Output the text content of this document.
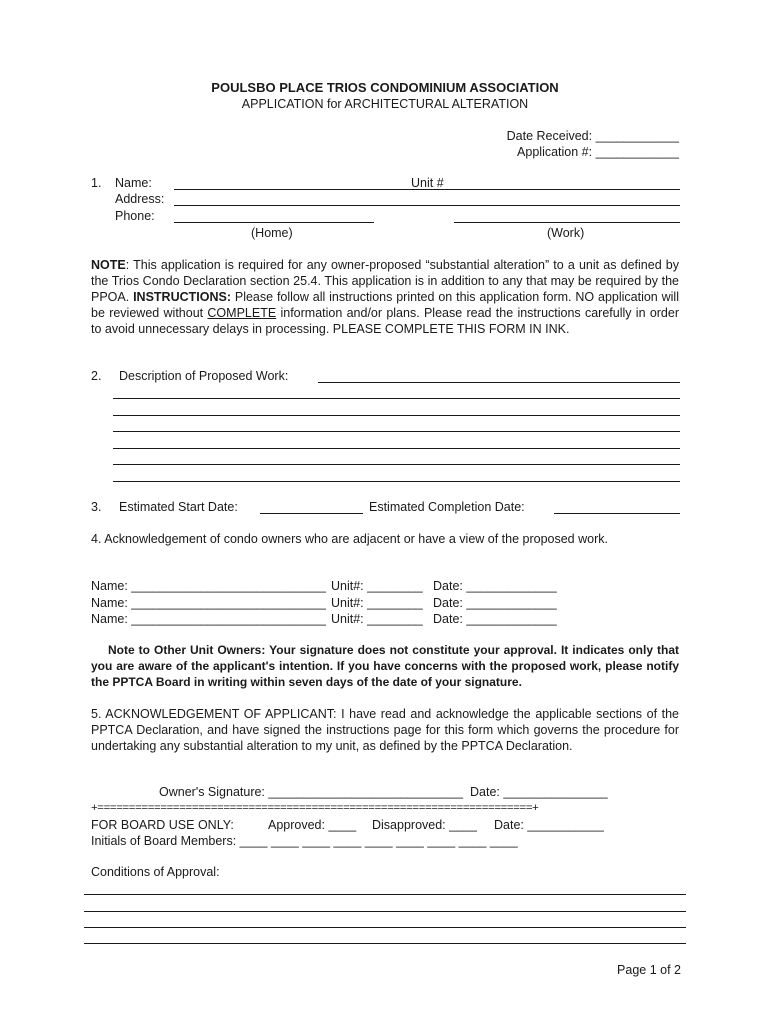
POULSBO PLACE TRIOS CONDOMINIUM ASSOCIATION
APPLICATION for ARCHITECTURAL ALTERATION
Date Received: ____________
Application #: ____________
1. Name:	Unit #
Address:
Phone:
(Home)	(Work)
NOTE: This application is required for any owner-proposed “substantial alteration” to a unit as defined by the Trios Condo Declaration section 25.4. This application is in addition to any that may be required by the PPOA. INSTRUCTIONS: Please follow all instructions printed on this application form. NO application will be reviewed without COMPLETE information and/or plans. Please read the instructions carefully in order to avoid unnecessary delays in processing. PLEASE COMPLETE THIS FORM IN INK.
2. Description of Proposed Work:
3. Estimated Start Date:	Estimated Completion Date:
4. Acknowledgement of condo owners who are adjacent or have a view of the proposed work.
Name: ____________________________ Unit#: ________ Date: _____________
Name: ____________________________ Unit#: ________ Date: _____________
Name: ____________________________ Unit#: ________ Date: _____________
Note to Other Unit Owners: Your signature does not constitute your approval. It indicates only that you are aware of the applicant's intention. If you have concerns with the proposed work, please notify the PPTCA Board in writing within seven days of the date of your signature.
5. ACKNOWLEDGEMENT OF APPLICANT: I have read and acknowledge the applicable sections of the PPTCA Declaration, and have signed the instructions page for this form which governs the procedure for undertaking any substantial alteration to my unit, as defined by the PPTCA Declaration.
Owner's Signature: ____________________________ Date: _______________
+=====================================================================+
FOR BOARD USE ONLY:	Approved: ____ Disapproved: ____ Date: ___________
Initials of Board Members: ____ ____ ____ ____ ____ ____ ____ ____ ____
Conditions of Approval:
Page 1 of 2
